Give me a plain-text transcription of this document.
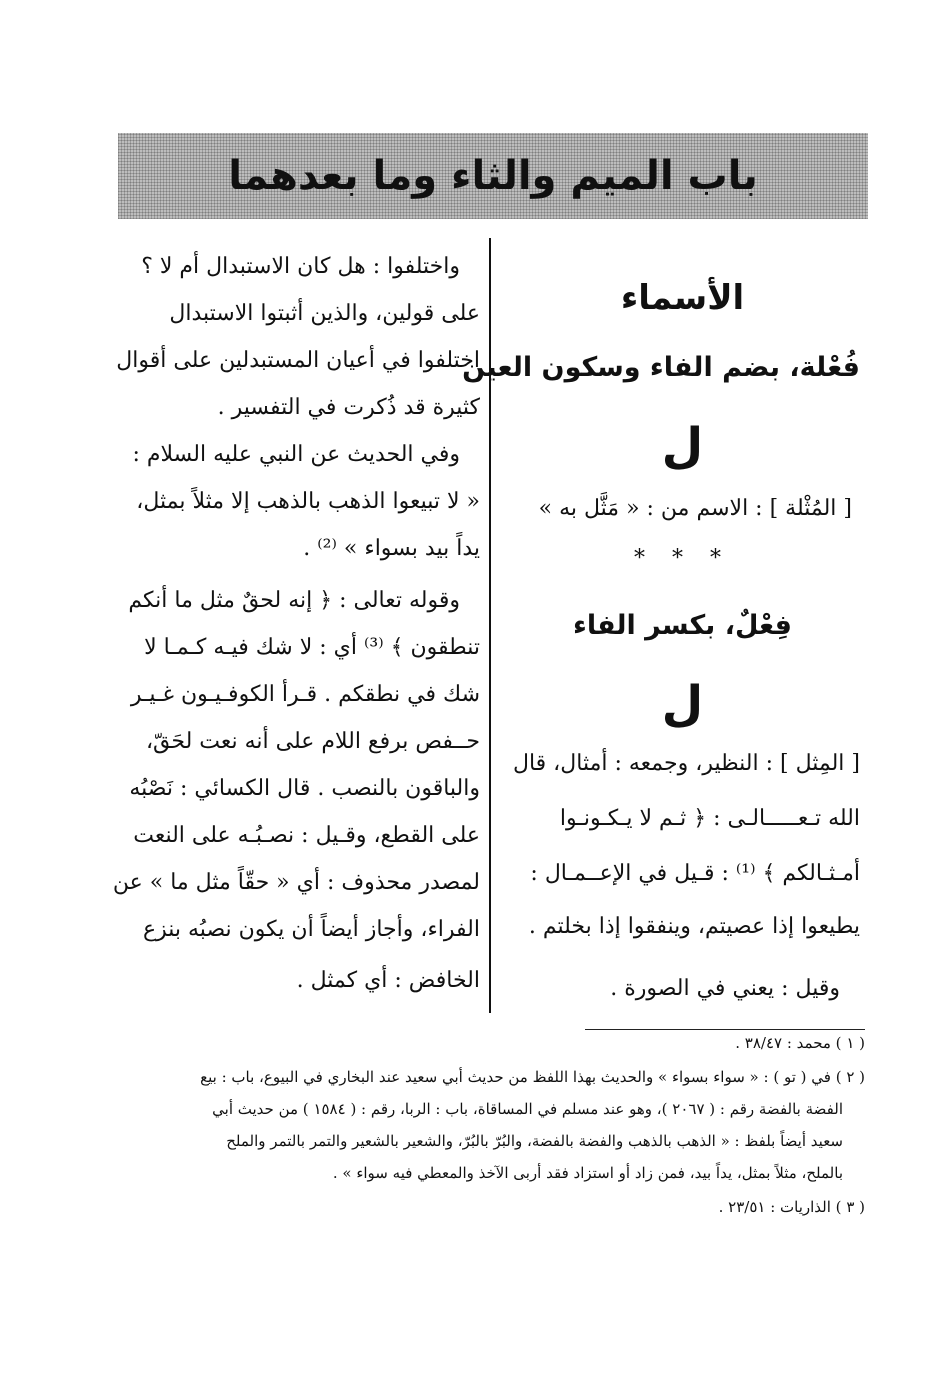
باب الميم والثاء وما بعدهما
الأسماء
فُعْلة، بضم الفاء وسكون العين
ل
[ المُثْلة ] : الاسم من : « مَثَّل به »
* * *
فِعْلٌ، بكسر الفاء
ل
[ المِثل ] : النظير، وجمعه : أمثال، قال
الله تـعـــــالـى : ﴿ ثـم لا يـكـونـوا
أمـثـالكم ﴾ ⁽¹⁾ : قـيل في الإعــمـال :
يطيعوا إذا عصيتم، وينفقوا إذا بخلتم .
وقيل : يعني في الصورة .
واختلفوا : هل كان الاستبدال أم لا ؟
على قولين، والذين أثبتوا الاستبدال
اختلفوا في أعيان المستبدلين على أقوال
كثيرة قد ذُكرت في التفسير .
وفي الحديث عن النبي عليه السلام :
« لا تبيعوا الذهب بالذهب إلا مثلاً بمثل،
يداً بيد بسواء » ⁽²⁾ .
وقوله تعالى : ﴿ إنه لحقٌ مثل ما أنكم
تنطقون ﴾ ⁽³⁾ أي : لا شك فيـه كـمـا لا
شك في نطقكم . قـرأ الكوفـيـون غـيـر
حــفص برفع اللام على أنه نعت لحَقّ،
والباقون بالنصب . قال الكسائي : نَصْبُه
على القطع، وقـيل : نصـبُـه على النعت
لمصدر محذوف : أي « حقّاً مثل ما » عن
الفراء، وأجاز أيضاً أن يكون نصبُه بنزع
الخافض : أي كمثل .
( ١ ) محمد : ٣٨/٤٧ .
( ٢ ) في ( تو ) : « سواء بسواء » والحديث بهذا اللفظ من حديث أبي سعيد عند البخاري في البيوع، باب : بيع
الفضة بالفضة رقم : ( ٢٠٦٧ )، وهو عند مسلم في المساقاة، باب : الربا، رقم : ( ١٥٨٤ ) من حديث أبي
سعيد أيضاً بلفظ : « الذهب بالذهب والفضة بالفضة، والبُرّ بالبُرّ، والشعير بالشعير والتمر بالتمر والملح
بالملح، مثلاً بمثل، يداً بيد، فمن زاد أو استزاد فقد أربى الآخذ والمعطي فيه سواء » .
( ٣ ) الذاريات : ٢٣/٥١ .
